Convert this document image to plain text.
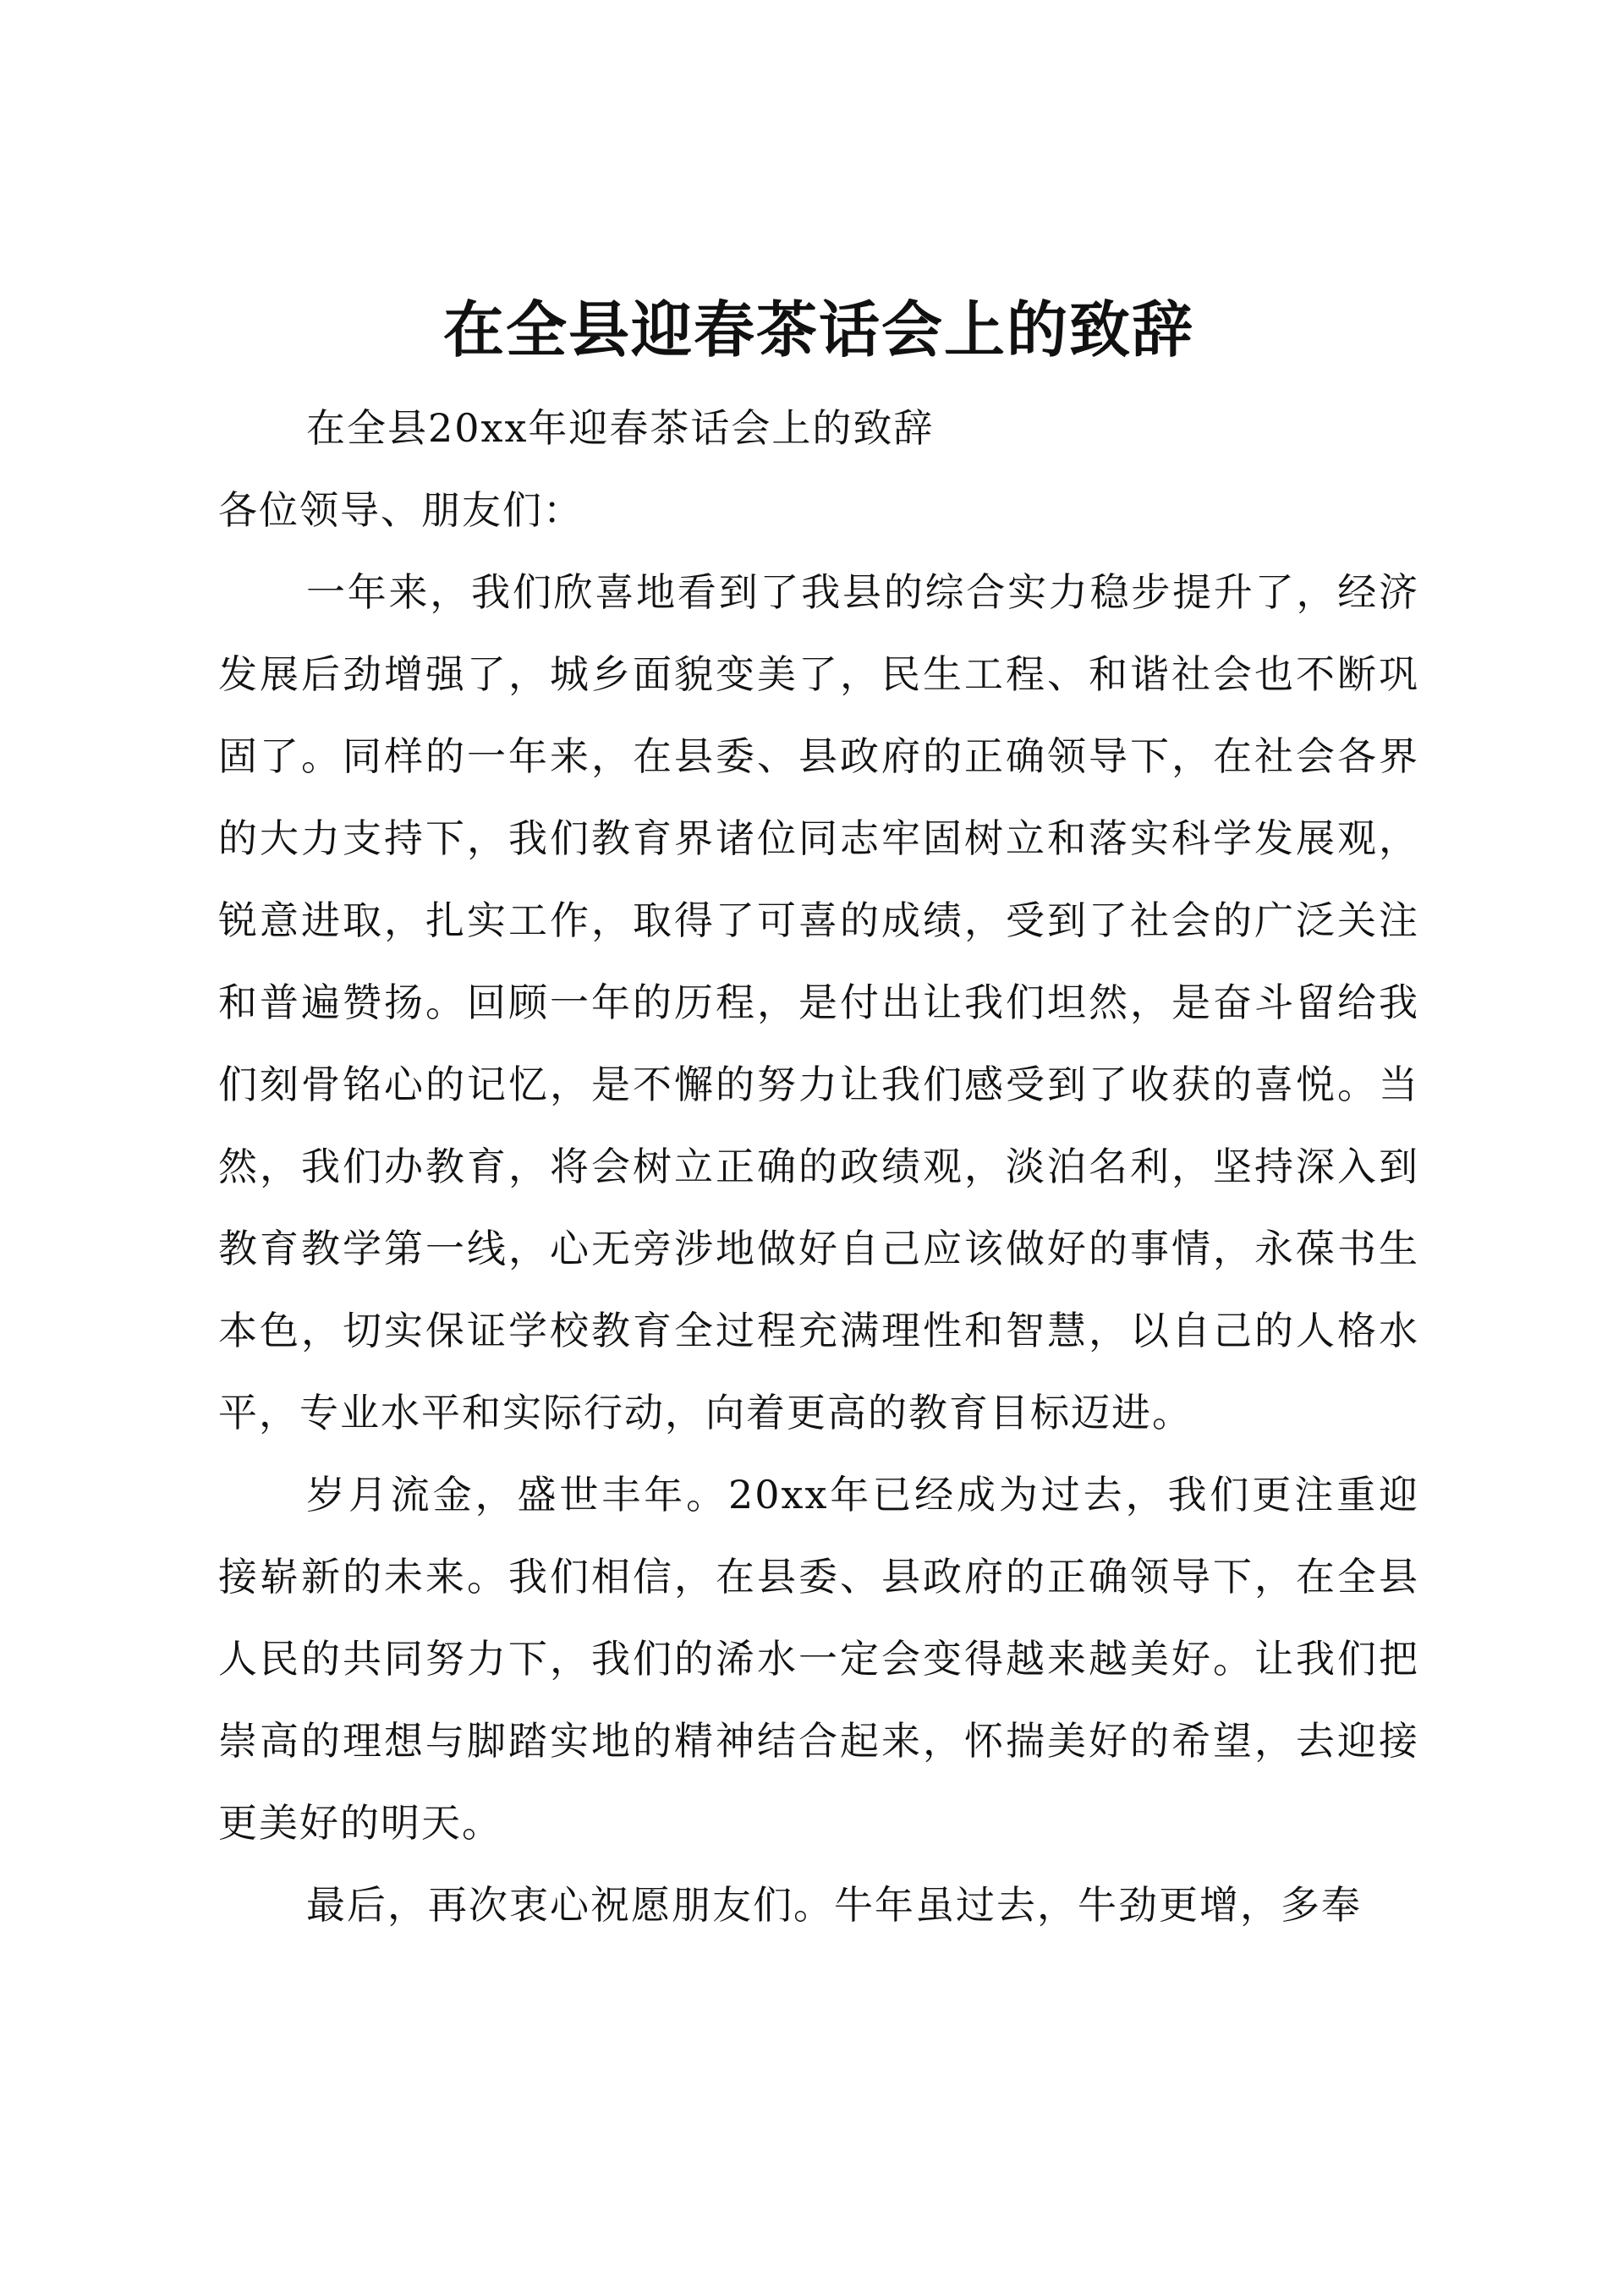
在全县迎春茶话会上的致辞

在全县20xx年迎春茶话会上的致辞

各位领导、朋友们：

一年来，我们欣喜地看到了我县的综合实力稳步提升了，经济发展后劲增强了，城乡面貌变美了，民生工程、和谐社会也不断巩固了。同样的一年来，在县委、县政府的正确领导下，在社会各界的大力支持下，我们教育界诸位同志牢固树立和落实科学发展观，锐意进取，扎实工作，取得了可喜的成绩，受到了社会的广泛关注和普遍赞扬。回顾一年的历程，是付出让我们坦然，是奋斗留给我们刻骨铭心的记忆，是不懈的努力让我们感受到了收获的喜悦。当然，我们办教育，将会树立正确的政绩观，淡泊名利，坚持深入到教育教学第一线，心无旁涉地做好自己应该做好的事情，永葆书生本色，切实保证学校教育全过程充满理性和智慧，以自己的人格水平，专业水平和实际行动，向着更高的教育目标迈进。

岁月流金，盛世丰年。20xx年已经成为过去，我们更注重迎接崭新的未来。我们相信，在县委、县政府的正确领导下，在全县人民的共同努力下，我们的浠水一定会变得越来越美好。让我们把崇高的理想与脚踏实地的精神结合起来，怀揣美好的希望，去迎接更美好的明天。

最后，再次衷心祝愿朋友们。牛年虽过去，牛劲更增，多奉
